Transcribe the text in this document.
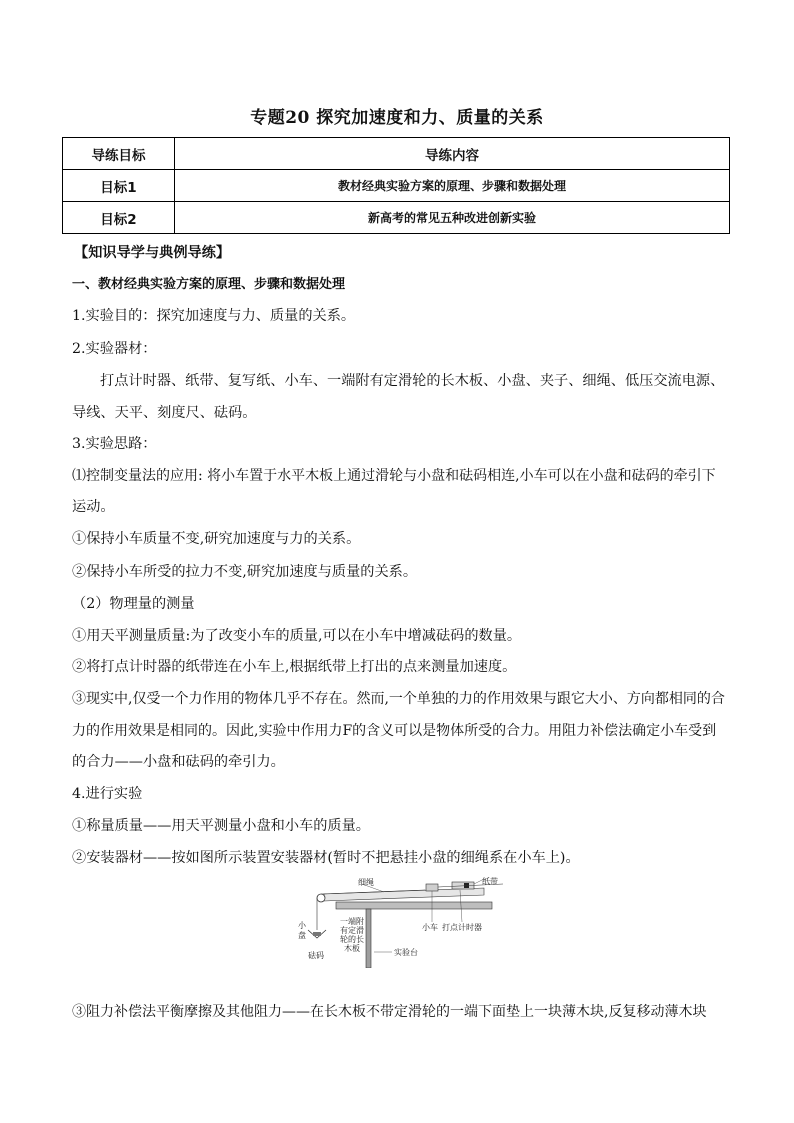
专题20 探究加速度和力、质量的关系
导练目标	导练内容
目标1	教材经典实验方案的原理、步骤和数据处理
目标2	新高考的常见五种改进创新实验
【知识导学与典例导练】
一、教材经典实验方案的原理、步骤和数据处理
1.实验目的：探究加速度与力、质量的关系。
2.实验器材：
打点计时器、纸带、复写纸、小车、一端附有定滑轮的长木板、小盘、夹子、细绳、低压交流电源、
导线、天平、刻度尺、砝码。
3.实验思路：
⑴控制变量法的应用: 将小车置于水平木板上通过滑轮与小盘和砝码相连,小车可以在小盘和砝码的牵引下
运动。
①保持小车质量不变,研究加速度与力的关系。
②保持小车所受的拉力不变,研究加速度与质量的关系。
（2）物理量的测量
①用天平测量质量:为了改变小车的质量,可以在小车中增减砝码的数量。
②将打点计时器的纸带连在小车上,根据纸带上打出的点来测量加速度。
③现实中,仅受一个力作用的物体几乎不存在。然而,一个单独的力的作用效果与跟它大小、方向都相同的合
力的作用效果是相同的。因此,实验中作用力F的含义可以是物体所受的合力。用阻力补偿法确定小车受到
的合力——小盘和砝码的牵引力。
4.进行实验
①称量质量——用天平测量小盘和小车的质量。
②安装器材——按如图所示装置安装器材(暂时不把悬挂小盘的细绳系在小车上)。
细绳	纸带
小
盘
砝码
一端附
有定滑
轮的长
木板
小车 打点计时器
实验台
③阻力补偿法平衡摩擦及其他阻力——在长木板不带定滑轮的一端下面垫上一块薄木块,反复移动薄木块
